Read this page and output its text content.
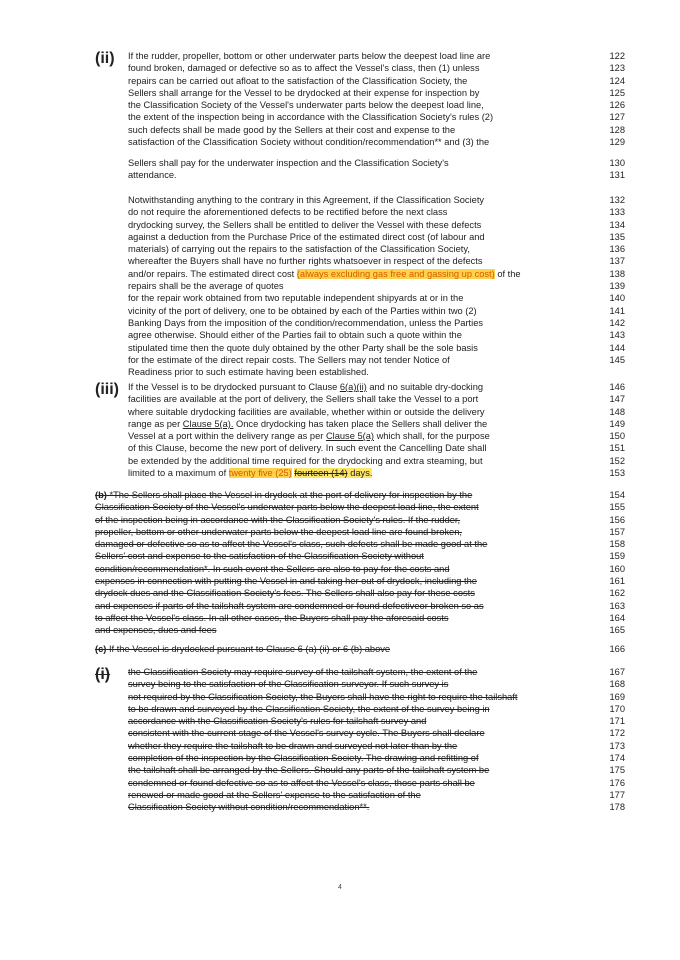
(ii) If the rudder, propeller, bottom or other underwater parts below the deepest load line are	122
found broken, damaged or defective so as to affect the Vessel's class, then (1) unless	123
repairs can be carried out afloat to the satisfaction of the Classification Society, the	124
Sellers shall arrange for the Vessel to be drydocked at their expense for inspection by	125
the Classification Society of the Vessel's underwater parts below the deepest load line,	126
the extent of the inspection being in accordance with the Classification Society's rules (2)	127
such defects shall be made good by the Sellers at their cost and expense to the	128
satisfaction of the Classification Society without condition/recommendation** and (3) the	129
Sellers shall pay for the underwater inspection and the Classification Society's	130
attendance.	131
Notwithstanding anything to the contrary in this Agreement, if the Classification Society	132
do not require the aforementioned defects to be rectified before the next class	133
drydocking survey, the Sellers shall be entitled to deliver the Vessel with these defects	134
against a deduction from the Purchase Price of the estimated direct cost (of labour and	135
materials) of carrying out the repairs to the satisfaction of the Classification Society,	136
whereafter the Buyers shall have no further rights whatsoever in respect of the defects	137
and/or repairs. The estimated direct cost (always excluding gas free and gassing up cost) of the	138
repairs shall be the average of quotes	139
for the repair work obtained from two reputable independent shipyards at or in the	140
vicinity of the port of delivery, one to be obtained by each of the Parties within two (2)	141
Banking Days from the imposition of the condition/recommendation, unless the Parties	142
agree otherwise. Should either of the Parties fail to obtain such a quote within the	143
stipulated time then the quote duly obtained by the other Party shall be the sole basis	144
for the estimate of the direct repair costs. The Sellers may not tender Notice of	145
Readiness prior to such estimate having been established.
(iii) If the Vessel is to be drydocked pursuant to Clause 6(a)(ii) and no suitable dry-docking	146
facilities are available at the port of delivery, the Sellers shall take the Vessel to a port	147
where suitable drydocking facilities are available, whether within or outside the delivery	148
range as per Clause 5(a). Once drydocking has taken place the Sellers shall deliver the	149
Vessel at a port within the delivery range as per Clause 5(a) which shall, for the purpose	150
of this Clause, become the new port of delivery. In such event the Cancelling Date shall	151
be extended by the additional time required for the drydocking and extra steaming, but	152
limited to a maximum of twenty five (25) fourteen (14) days.	153
(b) *The Sellers shall place the Vessel in drydock at the port of delivery for inspection by the	154
Classification Society of the Vessel's underwater parts below the deepest load line, the extent	155
of the inspection being in accordance with the Classification Society's rules. If the rudder,	156
propeller, bottom or other underwater parts below the deepest load line are found broken,	157
damaged or defective so as to affect the Vessel's class, such defects shall be made good at the	158
Sellers' cost and expense to the satisfaction of the Classification Society without	159
condition/recommendation*. In such event the Sellers are also to pay for the costs and	160
expenses in connection with putting the Vessel in and taking her out of drydock, including the	161
drydock dues and the Classification Society's fees. The Sellers shall also pay for these costs	162
and expenses if parts of the tailshaft system are condemned or found defectiveor broken so as	163
to affect the Vessel's class. In all other cases, the Buyers shall pay the aforesaid costs	164
and expenses, dues and fees	165
(c) If the Vessel is drydocked pursuant to Clause 6 (a) (ii) or 6 (b) above	166
(i) the Classification Society may require survey of the tailshaft system, the extent of the	167
survey being to the satisfaction of the Classification surveyor. If such survey is	168
not required by the Classification Society, the Buyers shall have the right to require the tailshaft	169
to be drawn and surveyed by the Classification Society, the extent of the survey being in	170
accordance with the Classification Society's rules for tailshaft survey and	171
consistent with the current stage of the Vessel's survey cycle. The Buyers shall declare	172
whether they require the tailshaft to be drawn and surveyed not later than by the	173
completion of the inspection by the Classification Society. The drawing and refitting of	174
the tailshaft shall be arranged by the Sellers. Should any parts of the tailshaft system be	175
condemned or found defective so as to affect the Vessel's class, those parts shall be	176
renewed or made good at the Sellers' expense to the satisfaction of the	177
Classification Society without condition/recommendation**.	178
4
